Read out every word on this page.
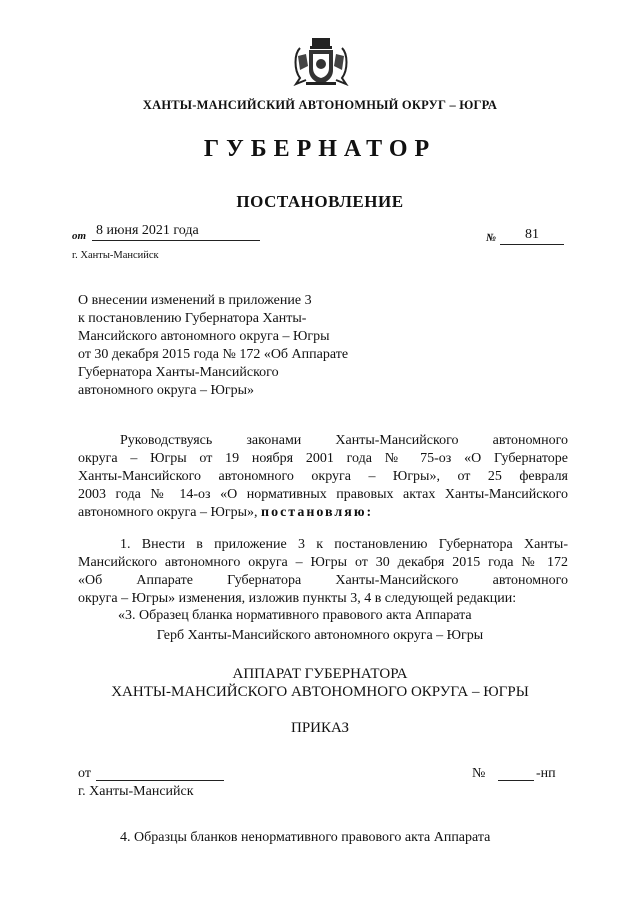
ХАНТЫ-МАНСИЙСКИЙ АВТОНОМНЫЙ ОКРУГ – ЮГРА
ГУБЕРНАТОР
ПОСТАНОВЛЕНИЕ
от 8 июня 2021 года	№	81
г. Ханты-Мансийск
О внесении изменений в приложение 3
к постановлению Губернатора Ханты-
Мансийского автономного округа – Югры
от 30 декабря 2015 года № 172 «Об Аппарате
Губернатора Ханты-Мансийского
автономного округа – Югры»
Руководствуясь законами Ханты-Мансийского автономного
округа – Югры от 19 ноября 2001 года № 75-оз «О Губернаторе
Ханты-Мансийского автономного округа – Югры», от 25 февраля
2003 года № 14-оз «О нормативных правовых актах Ханты-Мансийского
автономного округа – Югры», постановляю:
1. Внести в приложение 3 к постановлению Губернатора Ханты-
Мансийского автономного округа – Югры от 30 декабря 2015 года № 172
«Об Аппарате Губернатора Ханты-Мансийского автономного
округа – Югры» изменения, изложив пункты 3, 4 в следующей редакции:
«3. Образец бланка нормативного правового акта Аппарата
Герб Ханты-Мансийского автономного округа – Югры
АППАРАТ ГУБЕРНАТОРА
ХАНТЫ-МАНСИЙСКОГО АВТОНОМНОГО ОКРУГА – ЮГРЫ
ПРИКАЗ
от	№	-нп
г. Ханты-Мансийск
4. Образцы бланков ненормативного правового акта Аппарата
